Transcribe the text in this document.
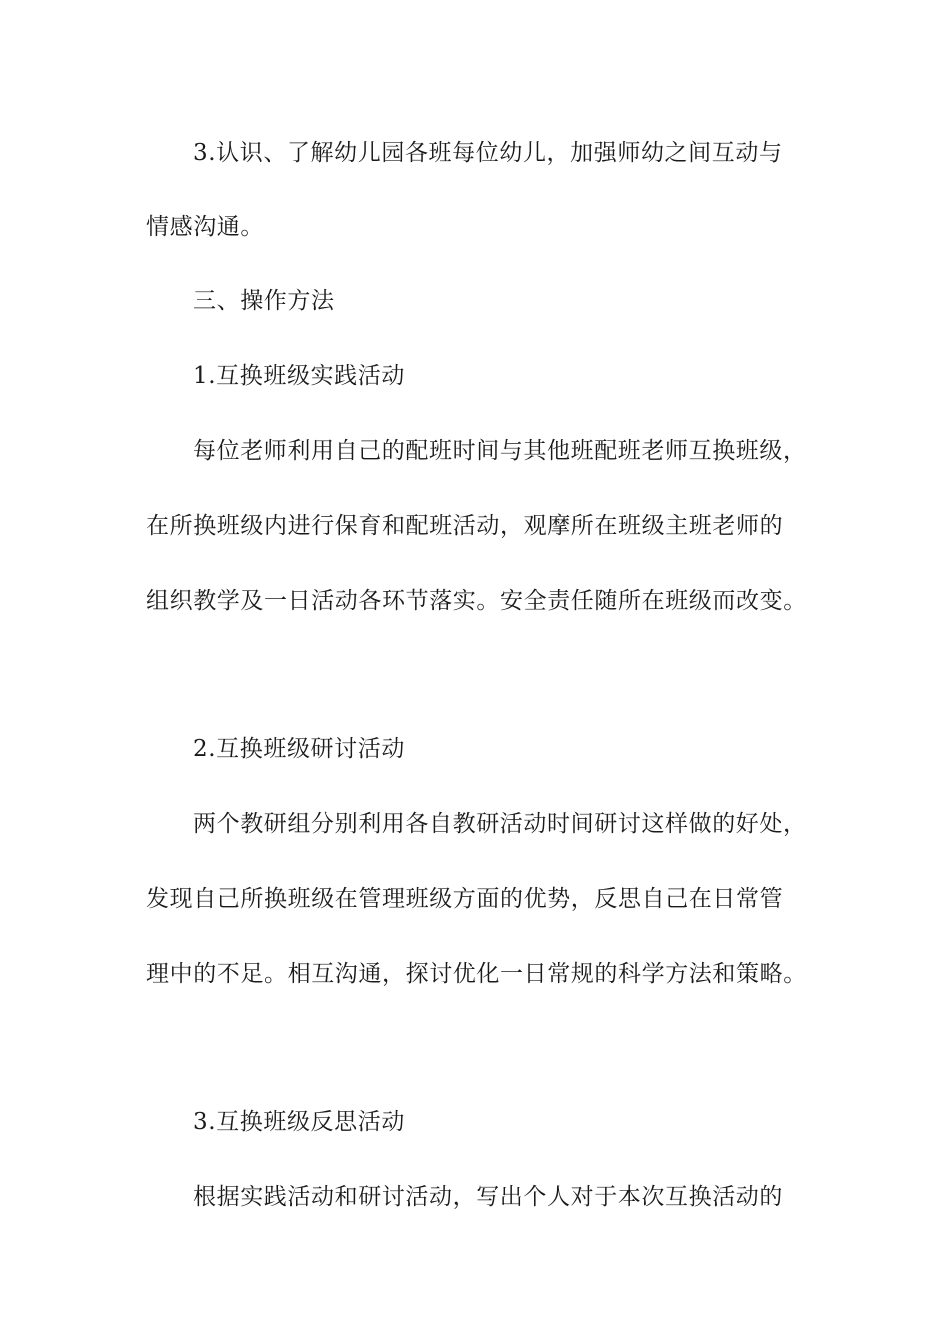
3.认识、了解幼儿园各班每位幼儿，加强师幼之间互动与
情感沟通。
三、操作方法
1.互换班级实践活动
每位老师利用自己的配班时间与其他班配班老师互换班级，
在所换班级内进行保育和配班活动，观摩所在班级主班老师的
组织教学及一日活动各环节落实。安全责任随所在班级而改变。
2.互换班级研讨活动
两个教研组分别利用各自教研活动时间研讨这样做的好处，
发现自己所换班级在管理班级方面的优势，反思自己在日常管
理中的不足。相互沟通，探讨优化一日常规的科学方法和策略。
3.互换班级反思活动
根据实践活动和研讨活动，写出个人对于本次互换活动的
